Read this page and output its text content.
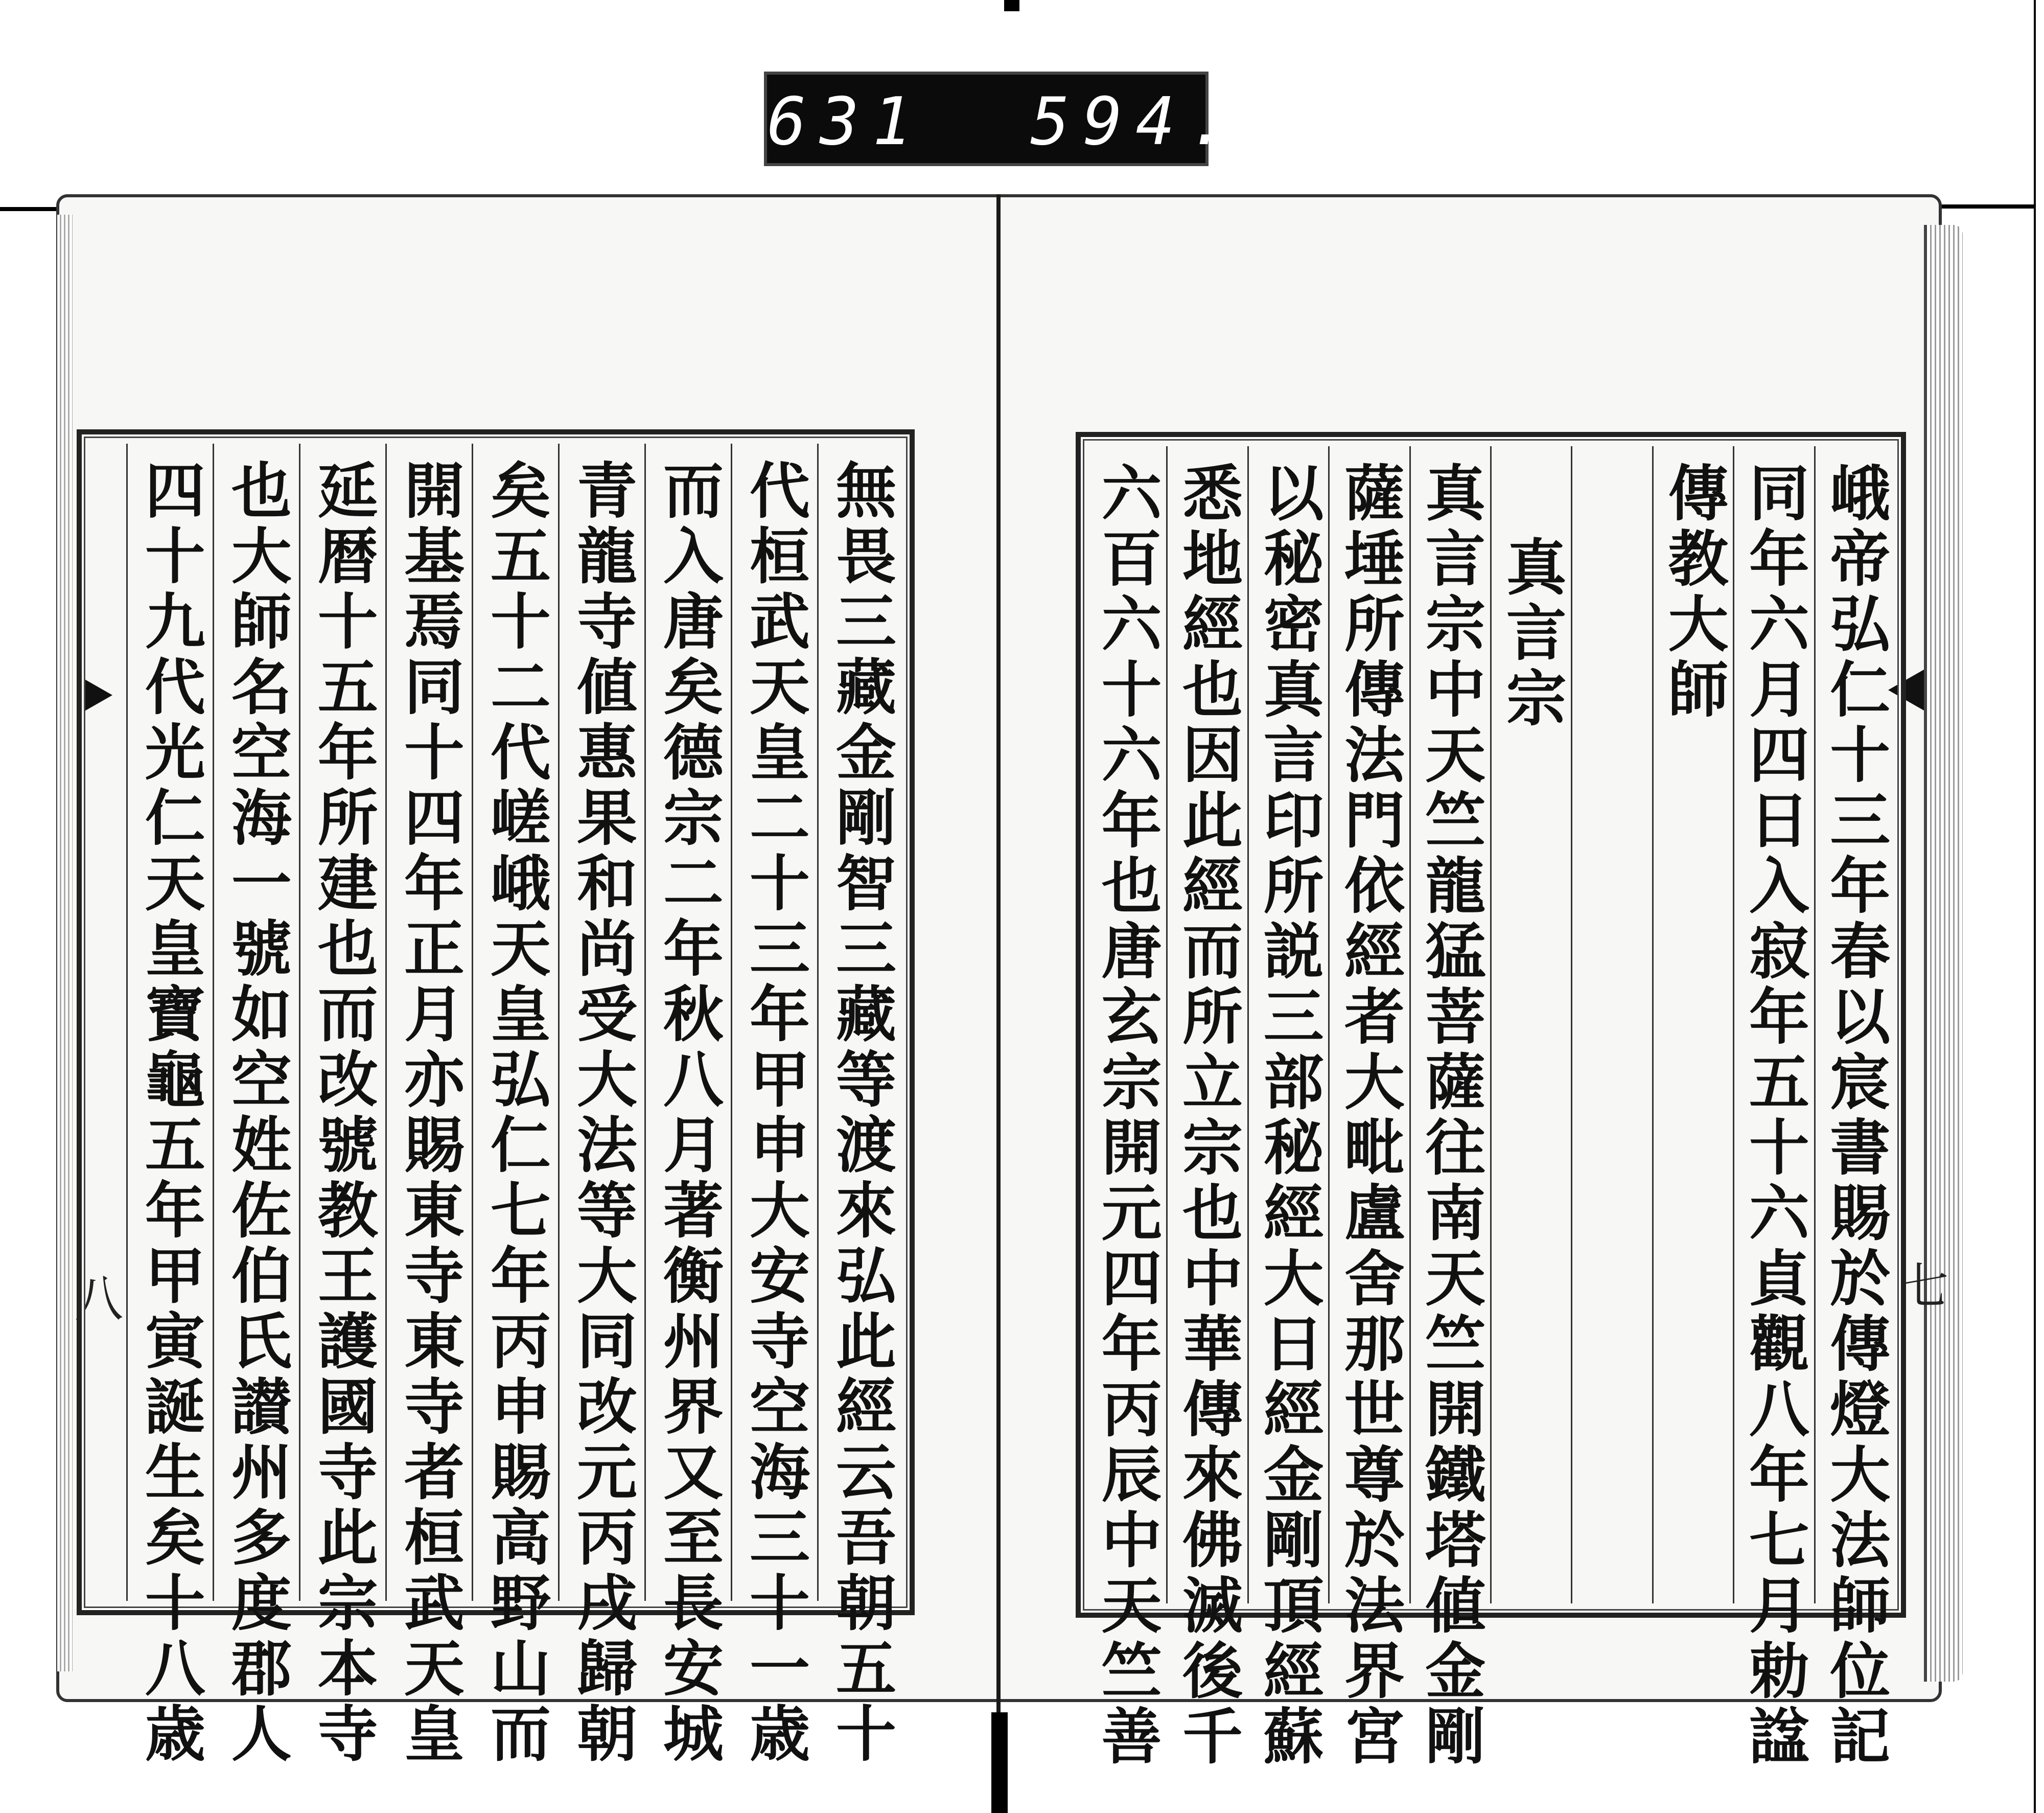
631  594.
八	七
無畏三藏金剛智三藏等渡來弘此經云吾朝五十
代桓武天皇二十三年甲申大安寺空海三十一歳
而入唐矣德宗二年秋八月著衡州界又至長安城
青龍寺値惠果和尚受大法等大同改元丙戌歸朝
矣五十二代嵯峨天皇弘仁七年丙申賜高野山而
開基焉同十四年正月亦賜東寺東寺者桓武天皇
延暦十五年所建也而改號教王護國寺此宗本寺
也大師名空海一號如空姓佐伯氏讃州多度郡人
四十九代光仁天皇寶龜五年甲寅誕生矣十八歳	峨帝弘仁十三年春以宸書賜於傳燈大法師位記
同年六月四日入寂年五十六貞觀八年七月勅諡
傳教大師
真言宗
真言宗中天竺龍猛菩薩往南天竺開鐵塔値金剛
薩埵所傳法門依經者大毗盧舍那世尊於法界宮
以秘密真言印所説三部秘經大日經金剛頂經蘇
悉地經也因此經而所立宗也中華傳來佛滅後千
六百六十六年也唐玄宗開元四年丙辰中天竺善
